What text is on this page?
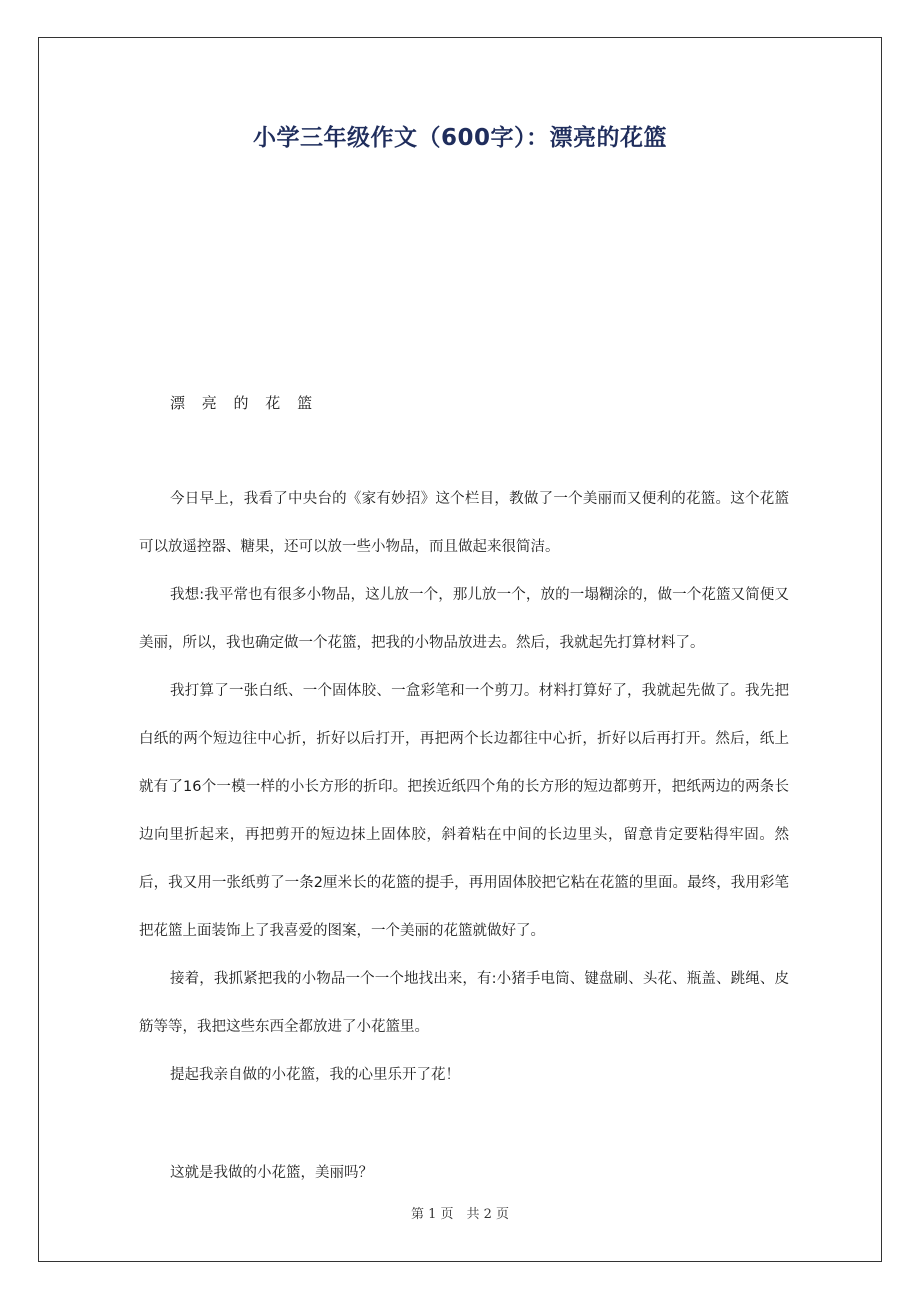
小学三年级作文（600字）：漂亮的花篮
漂 亮 的 花 篮

今日早上，我看了中央台的《家有妙招》这个栏目，教做了一个美丽而又便利的花篮。这个花篮可以放遥控器、糖果，还可以放一些小物品，而且做起来很简洁。

我想:我平常也有很多小物品，这儿放一个，那儿放一个，放的一塌糊涂的，做一个花篮又简便又美丽，所以，我也确定做一个花篮，把我的小物品放进去。然后，我就起先打算材料了。

我打算了一张白纸、一个固体胶、一盒彩笔和一个剪刀。材料打算好了，我就起先做了。我先把白纸的两个短边往中心折，折好以后打开，再把两个长边都往中心折，折好以后再打开。然后，纸上就有了16个一模一样的小长方形的折印。把挨近纸四个角的长方形的短边都剪开，把纸两边的两条长边向里折起来，再把剪开的短边抹上固体胶，斜着粘在中间的长边里头，留意肯定要粘得牢固。然后，我又用一张纸剪了一条2厘米长的花篮的提手，再用固体胶把它粘在花篮的里面。最终，我用彩笔把花篮上面装饰上了我喜爱的图案，一个美丽的花篮就做好了。

接着，我抓紧把我的小物品一个一个地找出来，有:小猪手电筒、键盘刷、头花、瓶盖、跳绳、皮筋等等，我把这些东西全都放进了小花篮里。

提起我亲自做的小花篮，我的心里乐开了花！

这就是我做的小花篮，美丽吗？
第 1 页　共 2 页
